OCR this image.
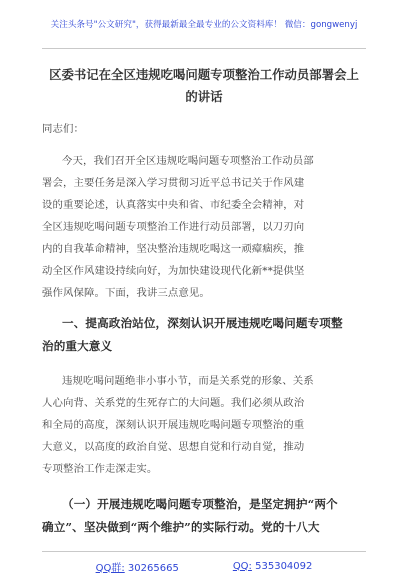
关注头条号"公文研究"，获得最新最全最专业的公文资料库！ 微信：gongwenyj
区委书记在全区违规吃喝问题专项整治工作动员部署会上
的讲话
同志们：
今天，我们召开全区违规吃喝问题专项整治工作动员部
署会，主要任务是深入学习贯彻习近平总书记关于作风建
设的重要论述，认真落实中央和省、市纪委全会精神，对
全区违规吃喝问题专项整治工作进行动员部署，以刀刃向
内的自我革命精神，坚决整治违规吃喝这一顽瘴痼疾，推
动全区作风建设持续向好，为加快建设现代化新**提供坚
强作风保障。下面，我讲三点意见。
一、提高政治站位，深刻认识开展违规吃喝问题专项整
治的重大意义
违规吃喝问题绝非小事小节，而是关系党的形象、关系
人心向背、关系党的生死存亡的大问题。我们必须从政治
和全局的高度，深刻认识开展违规吃喝问题专项整治的重
大意义，以高度的政治自觉、思想自觉和行动自觉，推动
专项整治工作走深走实。
（一）开展违规吃喝问题专项整治，是坚定拥护“两个
确立”、坚决做到“两个维护”的实际行动。党的十八大
QQ群: 30265665	QQ: 535304092
